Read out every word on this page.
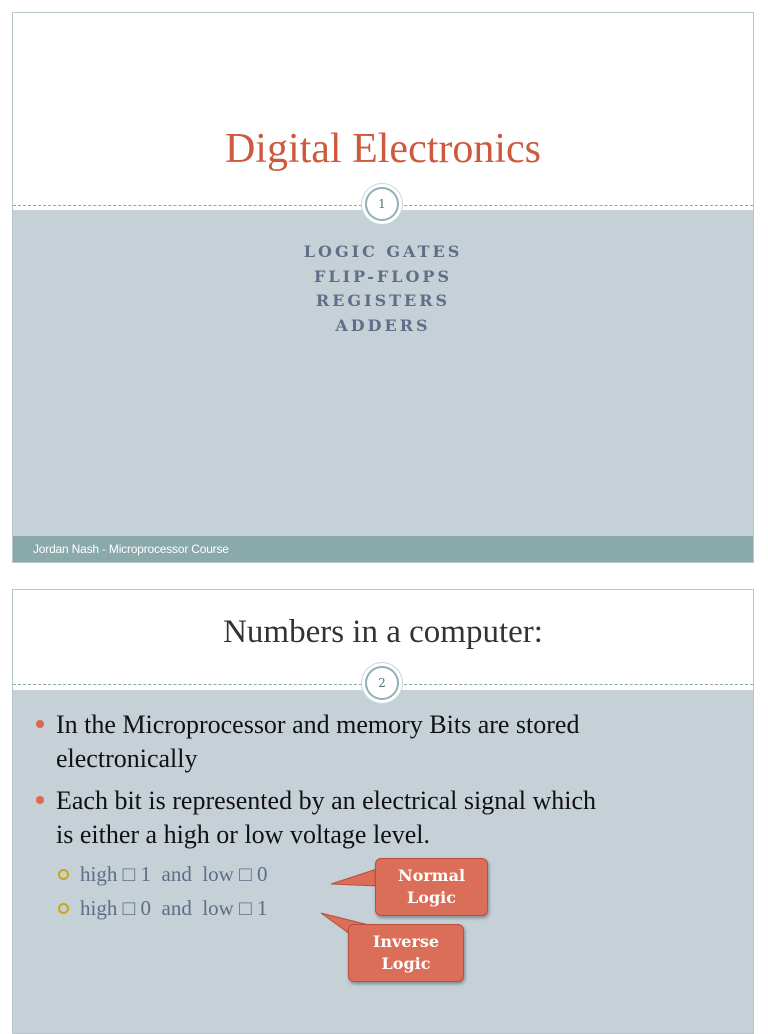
Digital Electronics
1
LOGIC GATES
FLIP-FLOPS
REGISTERS
ADDERS
Jordan Nash - Microprocessor Course
Numbers in a computer:
2
In the Microprocessor and memory Bits are stored
electronically
Each bit is represented by an electrical signal which
is either a high or low voltage level.
high □ 1  and  low □ 0
high □ 0  and  low □ 1
Normal
Logic
Inverse
Logic
